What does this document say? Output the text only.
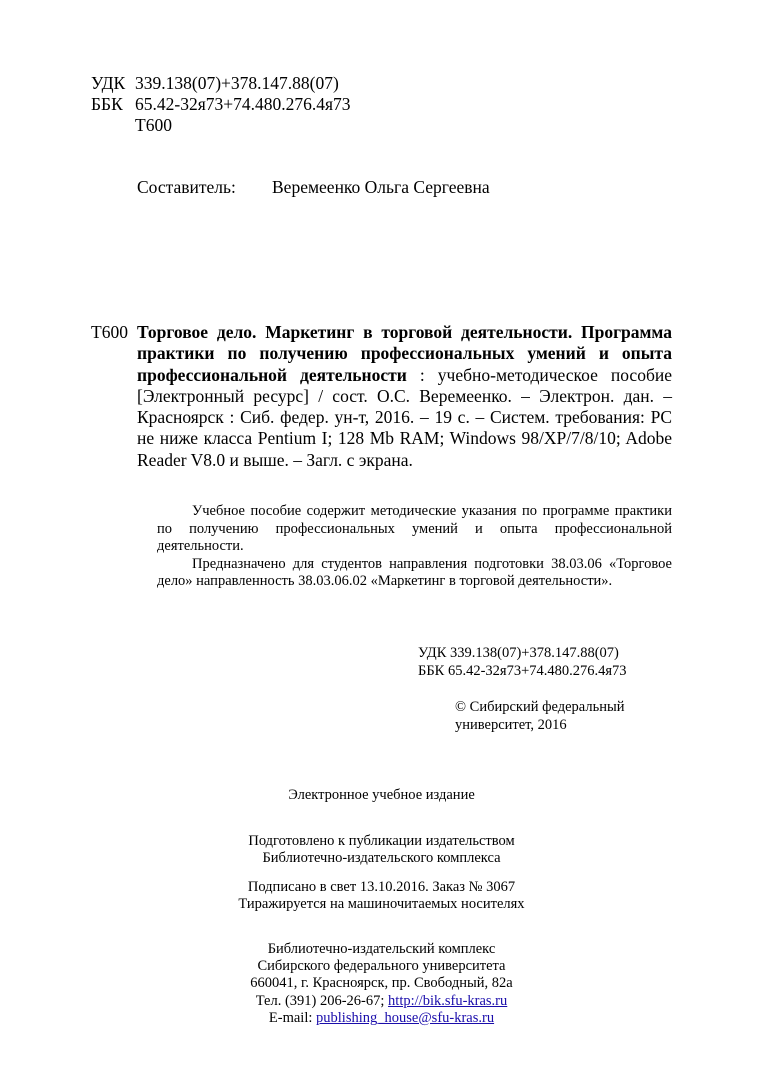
УДК 339.138(07)+378.147.88(07)
ББК 65.42-32я73+74.480.276.4я73
Т600
Составитель: Веремеенко Ольга Сергеевна
Т600 Торговое дело. Маркетинг в торговой деятельности. Программа практики по получению профессиональных умений и опыта профессиональной деятельности : учебно-методическое пособие [Электронный ресурс] / сост. О.С. Веремеенко. – Электрон. дан. – Красноярск : Сиб. федер. ун-т, 2016. – 19 с. – Систем. требования: PC не ниже класса Pentium I; 128 Mb RAM; Windows 98/XP/7/8/10; Adobe Reader V8.0 и выше. – Загл. с экрана.

Учебное пособие содержит методические указания по программе практики по получению профессиональных умений и опыта профессиональной деятельности.

Предназначено для студентов направления подготовки 38.03.06 «Торговое дело» направленность 38.03.06.02 «Маркетинг в торговой деятельности».

УДК 339.138(07)+378.147.88(07)
ББК 65.42-32я73+74.480.276.4я73
© Сибирский федеральный
университет, 2016
Электронное учебное издание
Подготовлено к публикации издательством
Библиотечно-издательского комплекса
Подписано в свет 13.10.2016. Заказ № 3067
Тиражируется на машиночитаемых носителях
Библиотечно-издательский комплекс
Сибирского федерального университета
660041, г. Красноярск, пр. Свободный, 82а
Тел. (391) 206-26-67; http://bik.sfu-kras.ru
E-mail: publishing_house@sfu-kras.ru
